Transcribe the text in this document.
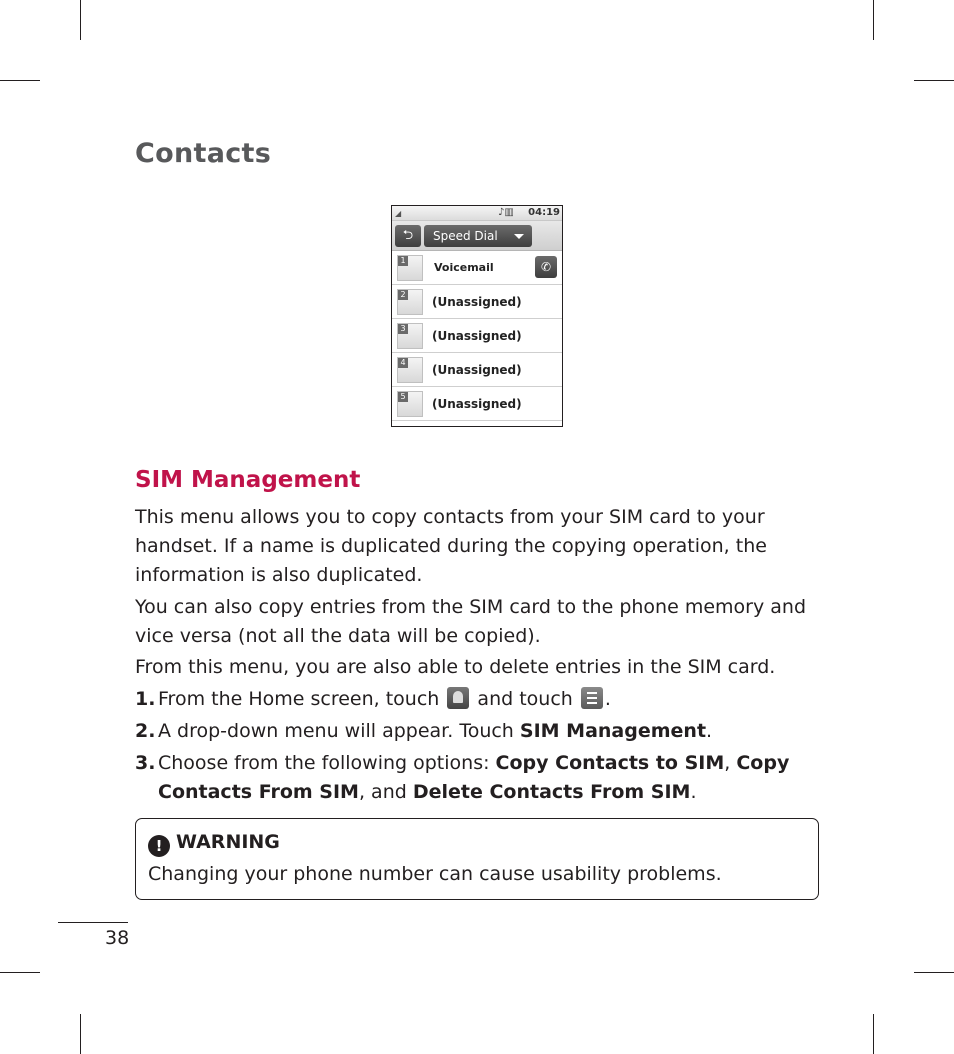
Contacts
◢	♪▥ 04:19
⮌	Speed Dial
1
Voicemail	✆
2
(Unassigned)
3
(Unassigned)
4
(Unassigned)
5
(Unassigned)
SIM Management

This menu allows you to copy contacts from your SIM card to your handset. If a name is duplicated during the copying operation, the information is also duplicated.

You can also copy entries from the SIM card to the phone memory and vice versa (not all the data will be copied).

From this menu, you are also able to delete entries in the SIM card.

1. From the Home screen, touch and touch .
2. A drop-down menu will appear. Touch SIM Management.
3. Choose from the following options: Copy Contacts to SIM, Copy Contacts From SIM, and Delete Contacts From SIM.
! WARNING
Changing your phone number can cause usability problems.
38
